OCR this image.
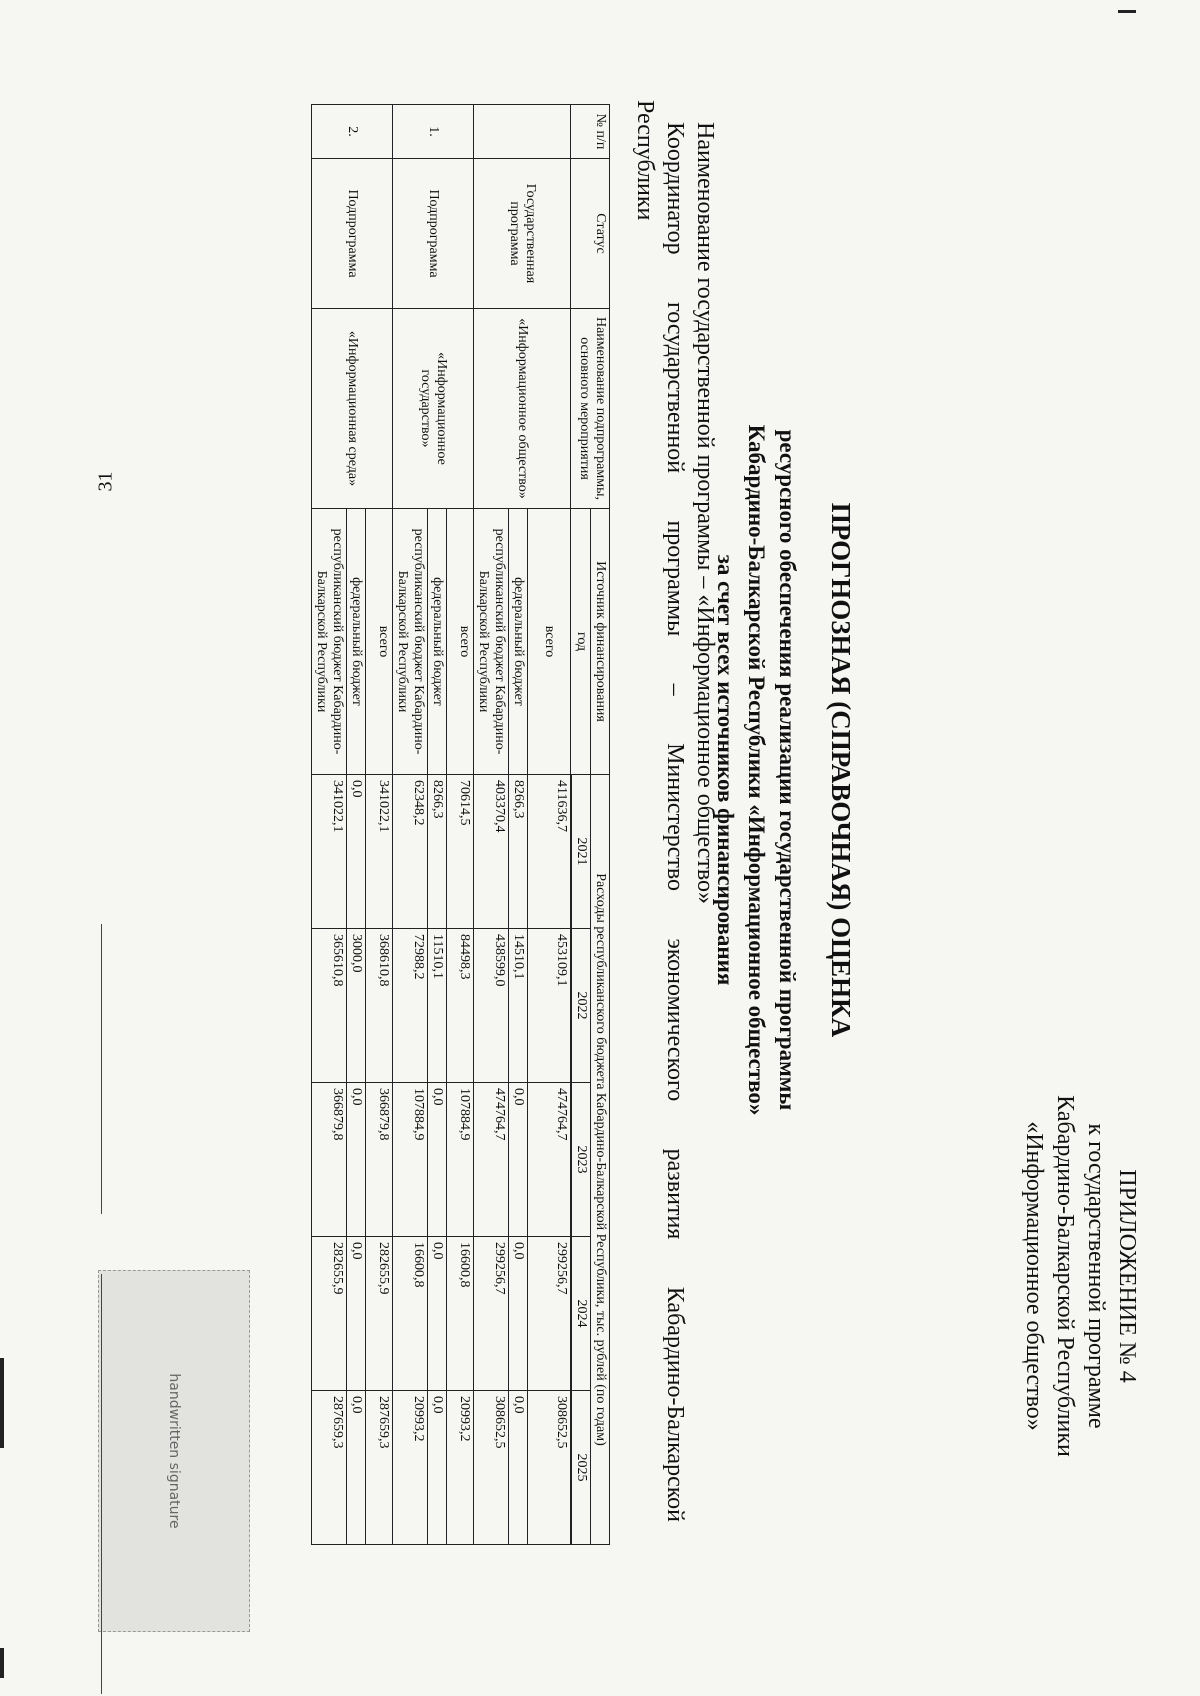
31
ПРИЛОЖЕНИЕ № 4
к государственной программе
Кабардино-Балкарской Республики
«Информационное общество»
ПРОГНОЗНАЯ (СПРАВОЧНАЯ) ОЦЕНКА
ресурсного обеспечения реализации государственной программы
Кабардино-Балкарской Республики «Информационное общество»
за счет всех источников финансирования
Наименование государственной программы – «Информационное общество»
Координатор государственной программы – Министерство экономического развития Кабардино-Балкарской
Республики
№ п/п	Статус	Наименование подпрограммы, основного мероприятия	Источник финансирования	Расходы республиканского бюджета Кабардино-Балкарской Республики, тыс. рублей (по годам)				
			год	2021	2022	2023	2024	2025

	Государственная программа	«Информационное общество»	всего	411636,7	453109,1	474764,7	299256,7	308652,5
			федеральный бюджет	8266,3	14510,1	0,0	0,0	0,0
			республиканский бюджет Кабардино-Балкарской Республики	403370,4	438599,0	474764,7	299256,7	308652,5
1.	Подпрограмма	«Информационное государство»	всего	70614,5	84498,3	107884,9	16600,8	20993,2
			федеральный бюджет	8266,3	11510,1	0,0	0,0	0,0
			республиканский бюджет Кабардино-Балкарской Республики	62348,2	72988,2	107884,9	16600,8	20993,2
2.	Подпрограмма	«Информационная среда»	всего	341022,1	368610,8	366879,8	282655,9	287659,3
			федеральный бюджет	0,0	3000,0	0,0	0,0	0,0
			республиканский бюджет Кабардино-Балкарской Республики	341022,1	365610,8	366879,8	282655,9	287659,3
handwritten signature
